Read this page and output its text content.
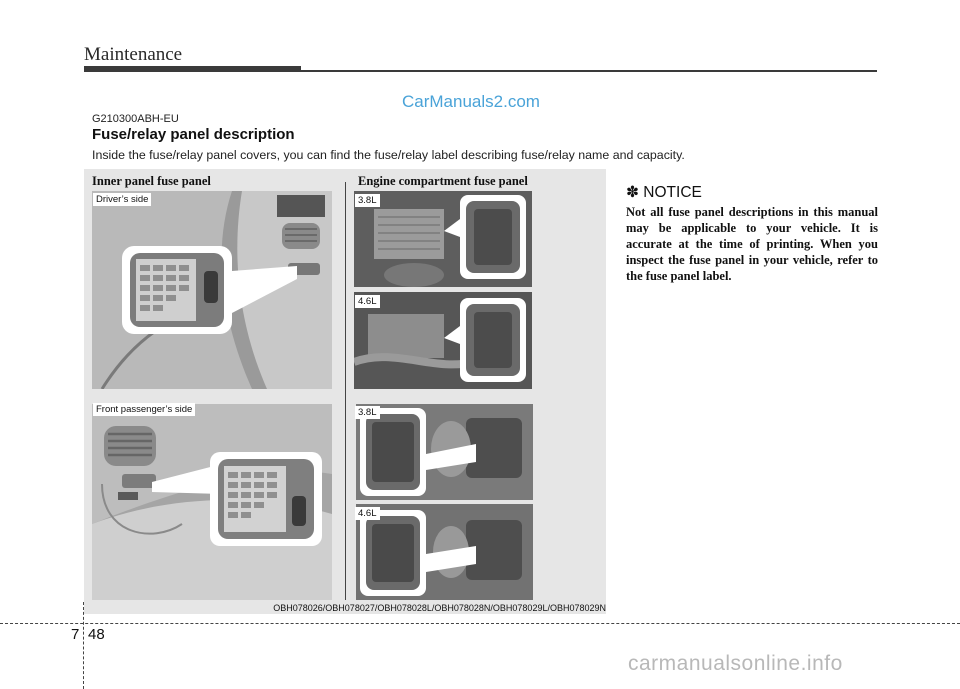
Maintenance
CarManuals2.com
G210300ABH-EU
Fuse/relay panel description
Inside the fuse/relay panel covers, you can find the fuse/relay label describing fuse/relay name and capacity.
Inner panel fuse panel	Engine compartment fuse panel
Driver’s side
Front passenger’s side
3.8L
4.6L
3.8L
4.6L
OBH078026/OBH078027/OBH078028L/OBH078028N/OBH078029L/OBH078029N
✽ NOTICE
Not all fuse panel descriptions in this manual may be applicable to your vehicle. It is accurate at the time of printing. When you inspect the fuse panel in your vehicle, refer to the fuse panel label.
7 48
carmanualsonline.info
